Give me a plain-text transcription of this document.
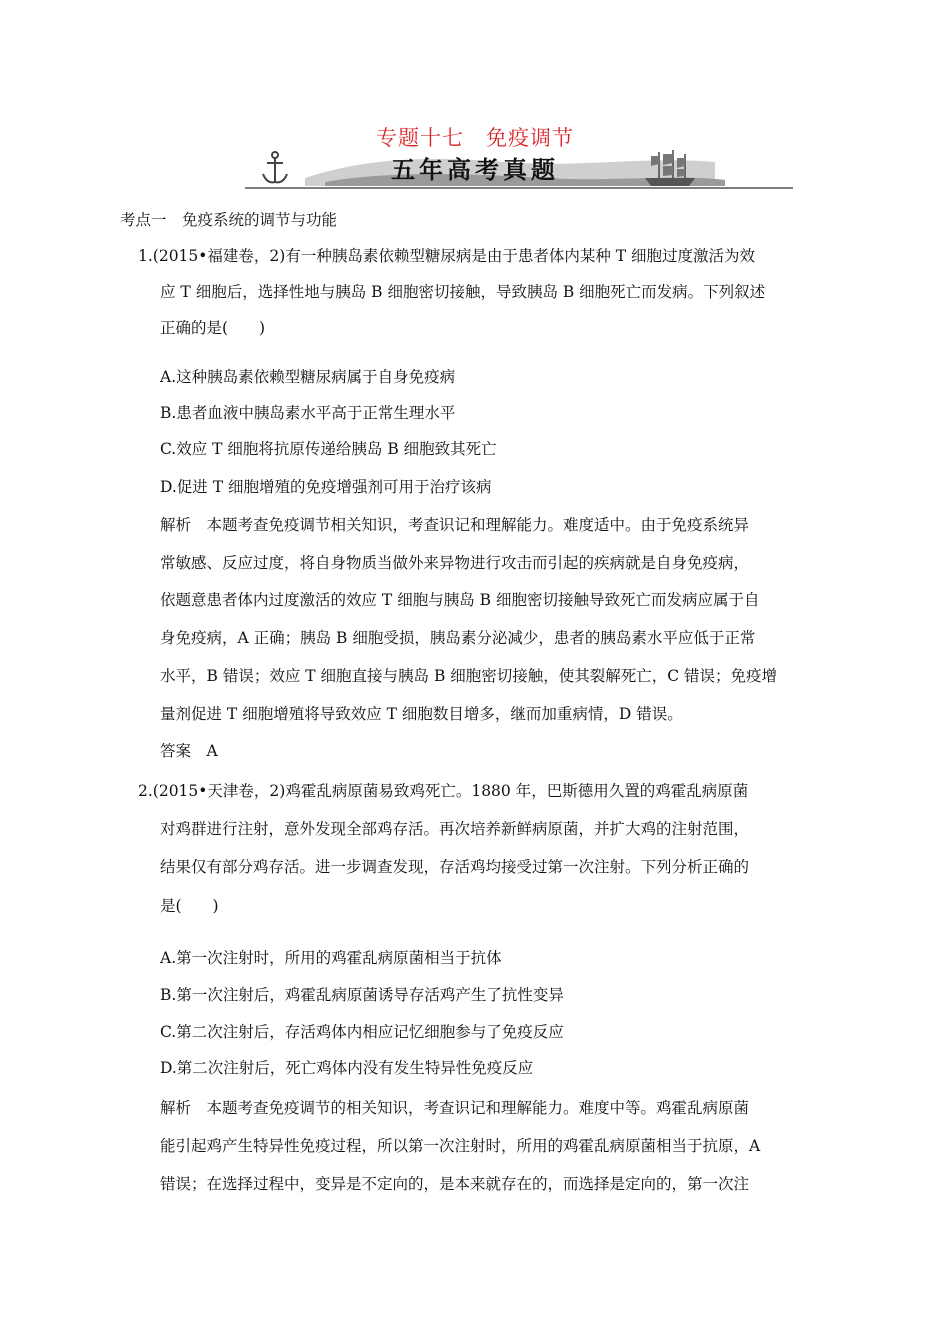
专题十七　免疫调节
五年高考真题
考点一　免疫系统的调节与功能
1.(2015•福建卷，2)有一种胰岛素依赖型糖尿病是由于患者体内某种 T 细胞过度激活为效
应 T 细胞后，选择性地与胰岛 B 细胞密切接触，导致胰岛 B 细胞死亡而发病。下列叙述
正确的是(　　)
A.这种胰岛素依赖型糖尿病属于自身免疫病
B.患者血液中胰岛素水平高于正常生理水平
C.效应 T 细胞将抗原传递给胰岛 B 细胞致其死亡
D.促进 T 细胞增殖的免疫增强剂可用于治疗该病
解析　本题考查免疫调节相关知识，考查识记和理解能力。难度适中。由于免疫系统异
常敏感、反应过度，将自身物质当做外来异物进行攻击而引起的疾病就是自身免疫病，
依题意患者体内过度激活的效应 T 细胞与胰岛 B 细胞密切接触导致死亡而发病应属于自
身免疫病，A 正确；胰岛 B 细胞受损，胰岛素分泌减少，患者的胰岛素水平应低于正常
水平，B 错误；效应 T 细胞直接与胰岛 B 细胞密切接触，使其裂解死亡，C 错误；免疫增
量剂促进 T 细胞增殖将导致效应 T 细胞数目增多，继而加重病情，D 错误。
答案　A
2.(2015•天津卷，2)鸡霍乱病原菌易致鸡死亡。1880 年，巴斯德用久置的鸡霍乱病原菌
对鸡群进行注射，意外发现全部鸡存活。再次培养新鲜病原菌，并扩大鸡的注射范围，
结果仅有部分鸡存活。进一步调查发现，存活鸡均接受过第一次注射。下列分析正确的
是(　　)
A.第一次注射时，所用的鸡霍乱病原菌相当于抗体
B.第一次注射后，鸡霍乱病原菌诱导存活鸡产生了抗性变异
C.第二次注射后，存活鸡体内相应记忆细胞参与了免疫反应
D.第二次注射后，死亡鸡体内没有发生特异性免疫反应
解析　本题考查免疫调节的相关知识，考查识记和理解能力。难度中等。鸡霍乱病原菌
能引起鸡产生特异性免疫过程，所以第一次注射时，所用的鸡霍乱病原菌相当于抗原，A
错误；在选择过程中，变异是不定向的，是本来就存在的，而选择是定向的，第一次注
